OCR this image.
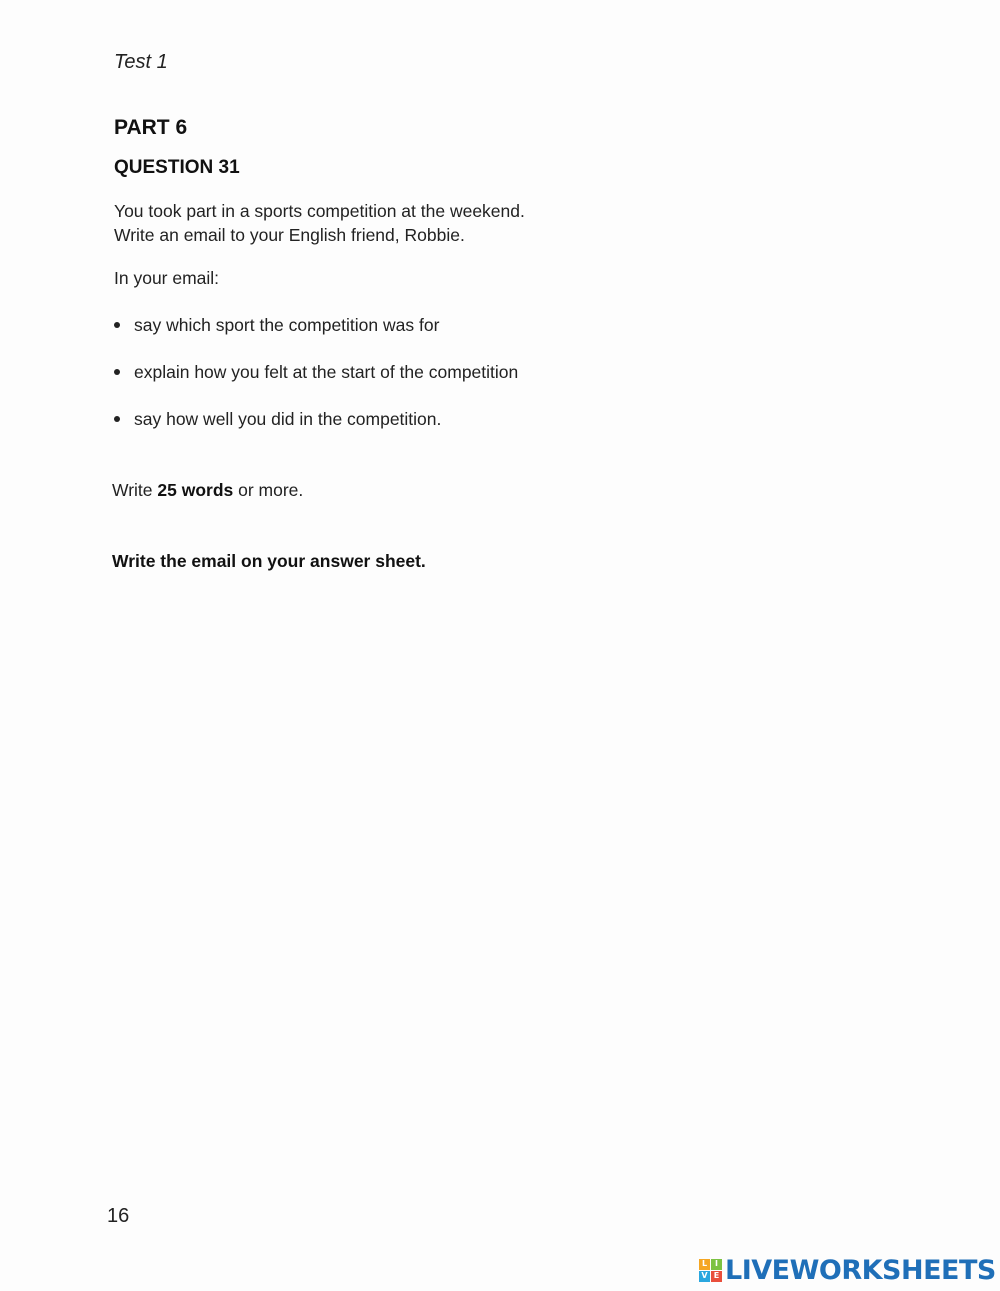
Test 1
PART 6
QUESTION 31
You took part in a sports competition at the weekend.
Write an email to your English friend, Robbie.
In your email:
say which sport the competition was for
explain how you felt at the start of the competition
say how well you did in the competition.
Write 25 words or more.
Write the email on your answer sheet.
16
L I
V E LIVEWORKSHEETS
